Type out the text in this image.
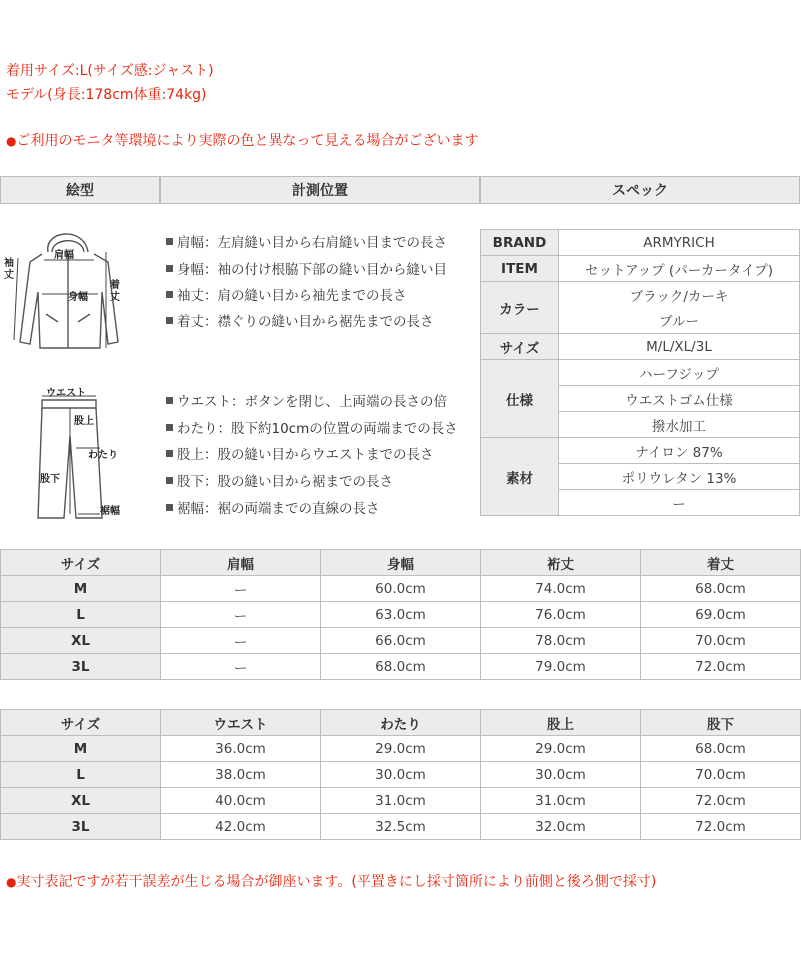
着用サイズ:L(サイズ感:ジャスト)
モデル(身長:178cm体重:74kg)
●ご利用のモニタ等環境により実際の色と異なって見える場合がございます
絵型	計測位置	スペック
肩幅
身幅
袖
丈
着
丈
ウエスト
股上
わたり
股下
裾幅
肩幅：左肩縫い目から右肩縫い目までの長さ
身幅：袖の付け根脇下部の縫い目から縫い目
袖丈：肩の縫い目から袖先までの長さ
着丈：襟ぐりの縫い目から裾先までの長さ
ウエスト：ボタンを閉じ、上両端の長さの倍
わたり：股下約10cmの位置の両端までの長さ
股上：股の縫い目からウエストまでの長さ
股下：股の縫い目から裾までの長さ
裾幅：裾の両端までの直線の長さ
BRAND	ARMYRICH
ITEM	セットアップ (パーカータイプ)
カラー	ブラック/カーキ
	ブルー
サイズ	M/L/XL/3L
仕様	ハーフジップ
	ウエストゴム仕様
	撥水加工
素材	ナイロン 87%
	ポリウレタン 13%
	ー
サイズ	肩幅	身幅	裄丈	着丈
M	ー	60.0cm	74.0cm	68.0cm
L	ー	63.0cm	76.0cm	69.0cm
XL	ー	66.0cm	78.0cm	70.0cm
3L	ー	68.0cm	79.0cm	72.0cm
サイズ	ウエスト	わたり	股上	股下
M	36.0cm	29.0cm	29.0cm	68.0cm
L	38.0cm	30.0cm	30.0cm	70.0cm
XL	40.0cm	31.0cm	31.0cm	72.0cm
3L	42.0cm	32.5cm	32.0cm	72.0cm
●実寸表記ですが若干誤差が生じる場合が御座います。(平置きにし採寸箇所により前側と後ろ側で採寸)
